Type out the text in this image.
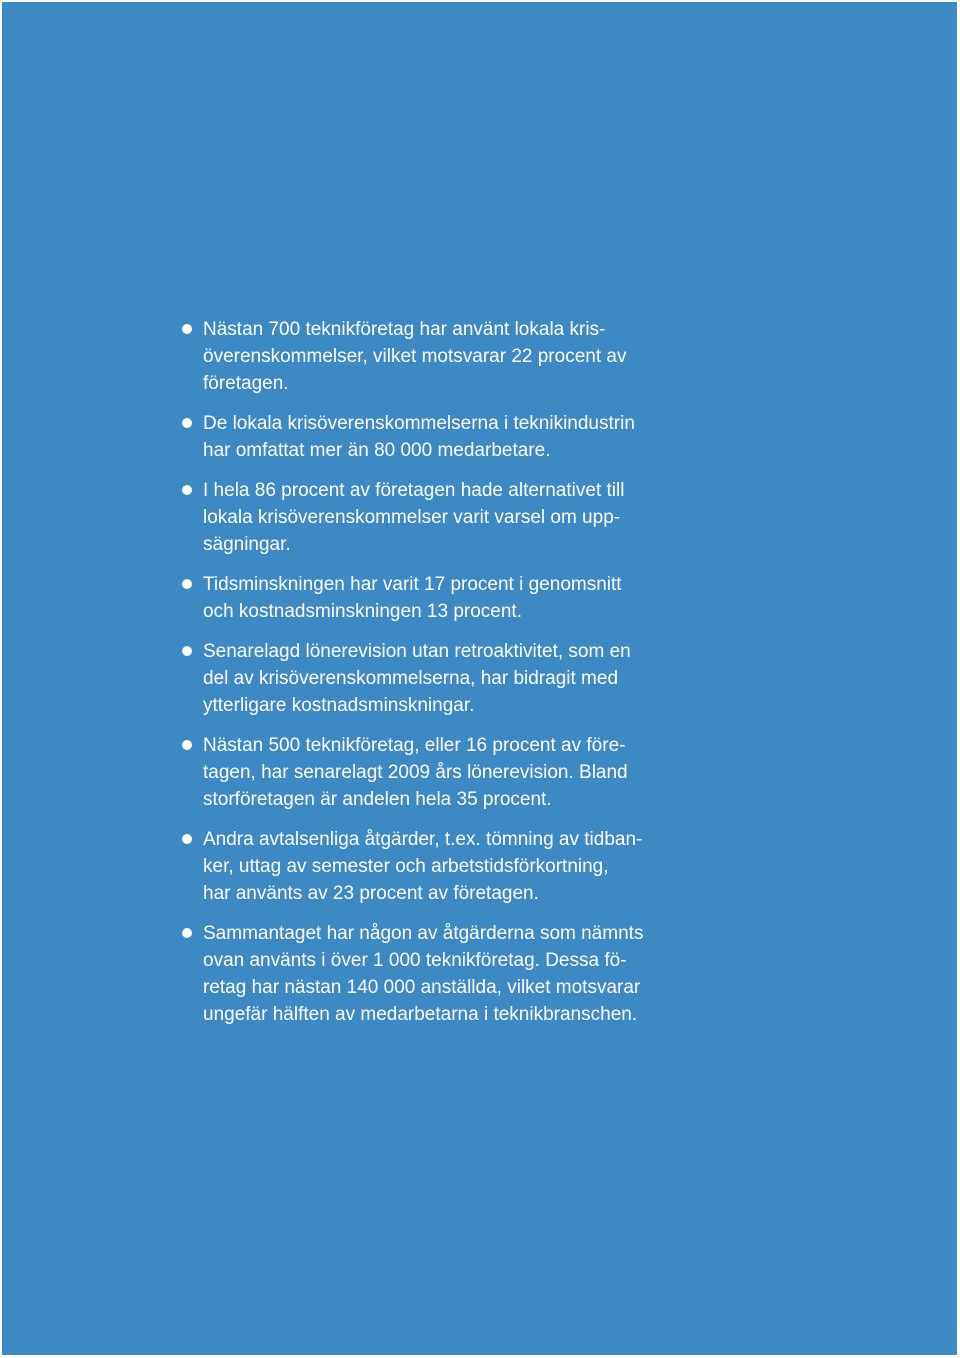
Nästan 700 teknikföretag har använt lokala kris-
överenskommelser, vilket motsvarar 22 procent av
företagen.
De lokala krisöverenskommelserna i teknikindustrin
har omfattat mer än 80 000 medarbetare.
I hela 86 procent av företagen hade alternativet till
lokala krisöverenskommelser varit varsel om upp-
sägningar.
Tidsminskningen har varit 17 procent i genomsnitt
och kostnadsminskningen 13 procent.
Senarelagd lönerevision utan retroaktivitet, som en
del av krisöverenskommelserna, har bidragit med
ytterligare kostnadsminskningar.
Nästan 500 teknikföretag, eller 16 procent av före-
tagen, har senarelagt 2009 års lönerevision. Bland
storföretagen är andelen hela 35 procent.
Andra avtalsenliga åtgärder, t.ex. tömning av tidban-
ker, uttag av semester och arbetstidsförkortning,
har använts av 23 procent av företagen.
Sammantaget har någon av åtgärderna som nämnts
ovan använts i över 1 000 teknikföretag. Dessa fö-
retag har nästan 140 000 anställda, vilket motsvarar
ungefär hälften av medarbetarna i teknikbranschen.
